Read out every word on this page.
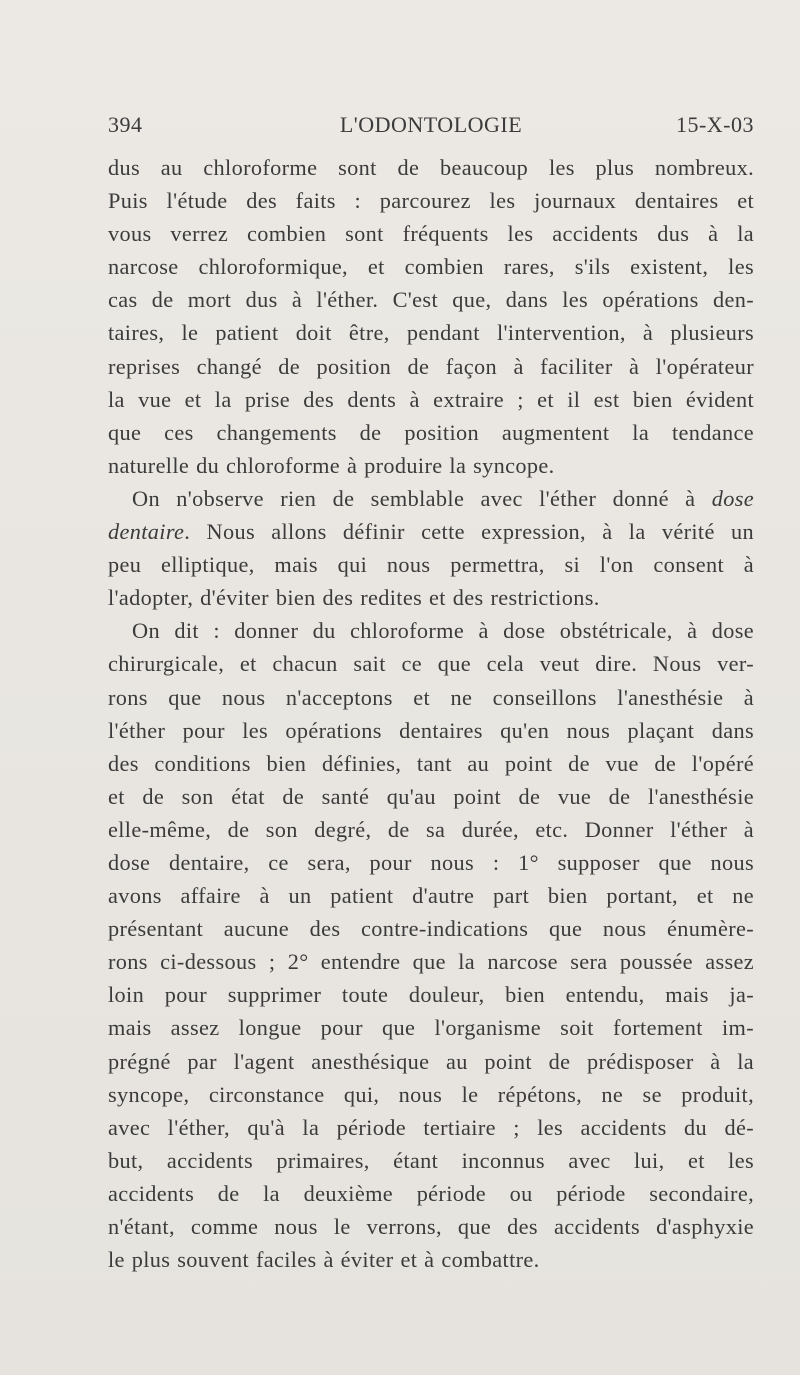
394	L'ODONTOLOGIE	15-X-03

dus au chloroforme sont de beaucoup les plus nombreux.

Puis l'étude des faits : parcourez les journaux dentaires et

vous verrez combien sont fréquents les accidents dus à la

narcose chloroformique, et combien rares, s'ils existent, les

cas de mort dus à l'éther. C'est que, dans les opérations den-

taires, le patient doit être, pendant l'intervention, à plusieurs

reprises changé de position de façon à faciliter à l'opérateur

la vue et la prise des dents à extraire ; et il est bien évident

que ces changements de position augmentent la tendance

naturelle du chloroforme à produire la syncope.

On n'observe rien de semblable avec l'éther donné à dose

dentaire. Nous allons définir cette expression, à la vérité un

peu elliptique, mais qui nous permettra, si l'on consent à

l'adopter, d'éviter bien des redites et des restrictions.

On dit : donner du chloroforme à dose obstétricale, à dose

chirurgicale, et chacun sait ce que cela veut dire. Nous ver-

rons que nous n'acceptons et ne conseillons l'anesthésie à

l'éther pour les opérations dentaires qu'en nous plaçant dans

des conditions bien définies, tant au point de vue de l'opéré

et de son état de santé qu'au point de vue de l'anesthésie

elle-même, de son degré, de sa durée, etc. Donner l'éther à

dose dentaire, ce sera, pour nous : 1° supposer que nous

avons affaire à un patient d'autre part bien portant, et ne

présentant aucune des contre-indications que nous énumère-

rons ci-dessous ; 2° entendre que la narcose sera poussée assez

loin pour supprimer toute douleur, bien entendu, mais ja-

mais assez longue pour que l'organisme soit fortement im-

prégné par l'agent anesthésique au point de prédisposer à la

syncope, circonstance qui, nous le répétons, ne se produit,

avec l'éther, qu'à la période tertiaire ; les accidents du dé-

but, accidents primaires, étant inconnus avec lui, et les

accidents de la deuxième période ou période secondaire,

n'étant, comme nous le verrons, que des accidents d'asphyxie

le plus souvent faciles à éviter et à combattre.
